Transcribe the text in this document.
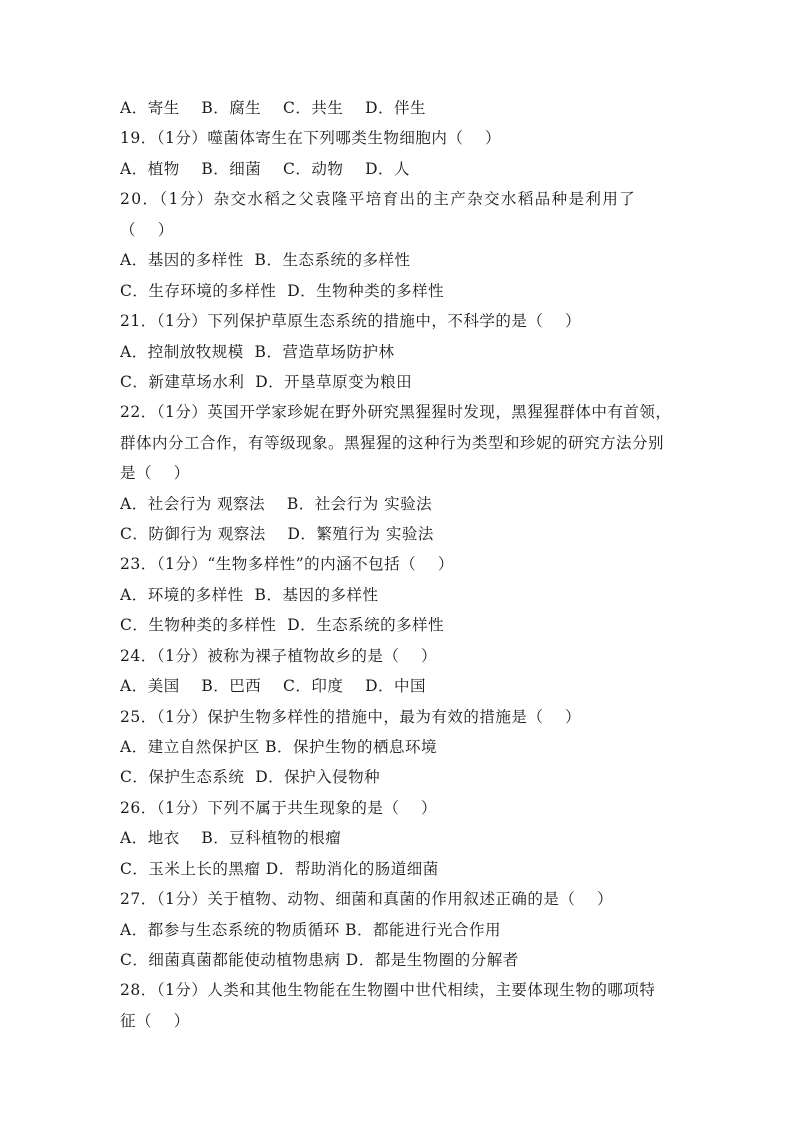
A．寄生    B．腐生    C．共生    D．伴生
19．（1分）噬菌体寄生在下列哪类生物细胞内（    ）
A．植物    B．细菌    C．动物    D．人
20．（1分）杂交水稻之父袁隆平培育出的主产杂交水稻品种是利用了
（    ）
A．基因的多样性  B．生态系统的多样性
C．生存环境的多样性  D．生物种类的多样性
21．（1分）下列保护草原生态系统的措施中，不科学的是（    ）
A．控制放牧规模  B．营造草场防护林
C．新建草场水利  D．开垦草原变为粮田
22．（1分）英国开学家珍妮在野外研究黑猩猩时发现，黑猩猩群体中有首领，
群体内分工合作，有等级现象。黑猩猩的这种行为类型和珍妮的研究方法分别
是（    ）
A．社会行为 观察法    B．社会行为 实验法
C．防御行为 观察法    D．繁殖行为 实验法
23．（1分）“生物多样性”的内涵不包括（    ）
A．环境的多样性  B．基因的多样性
C．生物种类的多样性  D．生态系统的多样性
24．（1分）被称为裸子植物故乡的是（    ）
A．美国    B．巴西    C．印度    D．中国
25．（1分）保护生物多样性的措施中，最为有效的措施是（    ）
A．建立自然保护区 B．保护生物的栖息环境
C．保护生态系统  D．保护入侵物种
26．（1分）下列不属于共生现象的是（    ）
A．地衣    B．豆科植物的根瘤
C．玉米上长的黑瘤 D．帮助消化的肠道细菌
27．（1分）关于植物、动物、细菌和真菌的作用叙述正确的是（    ）
A．都参与生态系统的物质循环 B．都能进行光合作用
C．细菌真菌都能使动植物患病 D．都是生物圈的分解者
28．（1分）人类和其他生物能在生物圈中世代相续，主要体现生物的哪项特
征（    ）
